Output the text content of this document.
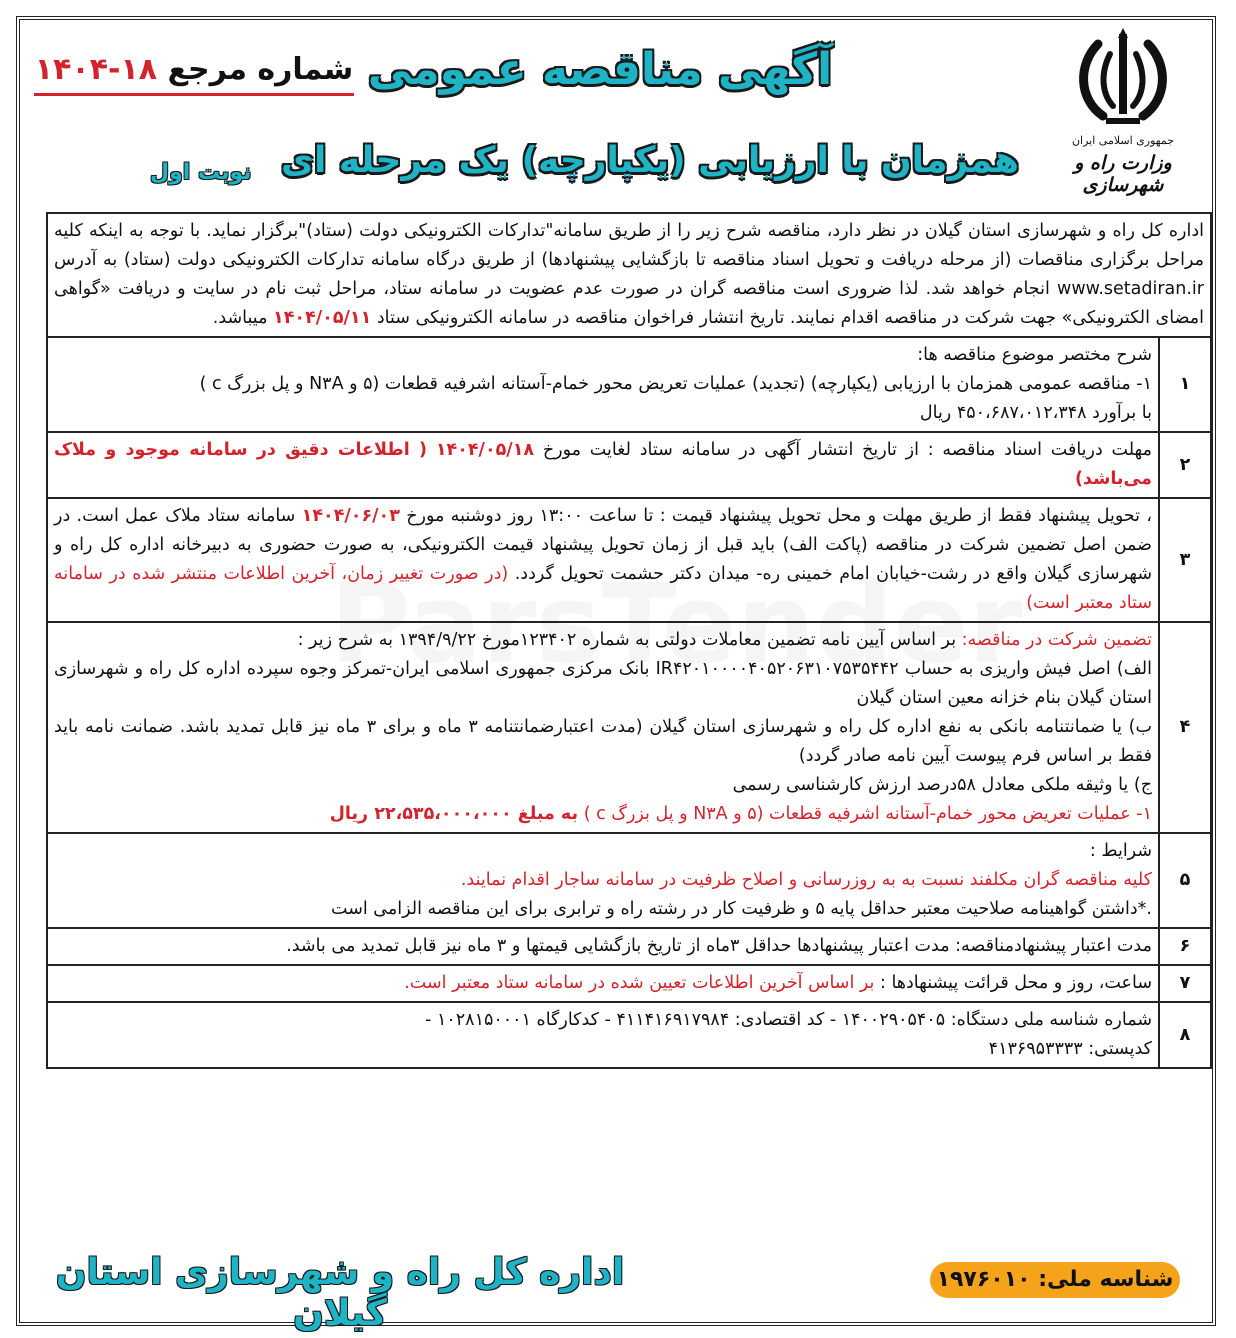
جمهوری اسلامی ایران
وزارت راه و شهرسازی
آگهی مناقصه عمومی
همزمان با ارزیابی (یکپارچه) یک مرحله ای
نوبت اول
شماره مرجع ۱۸-۱۴۰۴
اداره کل راه و شهرسازی استان گیلان در نظر دارد، مناقصه شرح زیر را از طریق سامانه"تدارکات الکترونیکی دولت (ستاد)"برگزار نماید. با توجه به اینکه کلیه مراحل برگزاری مناقصات (از مرحله دریافت و تحویل اسناد مناقصه تا بازگشایی پیشنهادها) از طریق درگاه سامانه تدارکات الکترونیکی دولت (ستاد) به آدرس www.setadiran.ir انجام خواهد شد. لذا ضروری است مناقصه گران در صورت عدم عضویت در سامانه ستاد، مراحل ثبت نام در سایت و دریافت «گواهی امضای الکترونیکی» جهت شرکت در مناقصه اقدام نمایند. تاریخ انتشار فراخوان مناقصه در سامانه الکترونیکی ستاد ۱۴۰۴/۰۵/۱۱ میباشد.	
۱	شرح مختصر موضوع مناقصه ها:
۱- مناقصه عمومی همزمان با ارزیابی (یکپارچه) (تجدید) عملیات تعریض محور خمام-آستانه اشرفیه قطعات (۵ و N۳A و پل بزرگ c )
با برآورد ۴۵۰،۶۸۷،۰۱۲،۳۴۸ ریال

۲	مهلت دریافت اسناد مناقصه : از تاریخ انتشار آگهی در سامانه ستاد لغایت مورخ ۱۴۰۴/۰۵/۱۸ ( اطلاعات دقیق در سامانه موجود و ملاک می‌باشد)
۳	، تحویل پیشنهاد فقط از طریق مهلت و محل تحویل پیشنهاد قیمت : تا ساعت ۱۳:۰۰ روز دوشنبه مورخ ۱۴۰۴/۰۶/۰۳ سامانه ستاد ملاک عمل است. در ضمن اصل تضمین شرکت در مناقصه (پاکت الف) باید قبل از زمان تحویل پیشنهاد قیمت الکترونیکی، به صورت حضوری به دبیرخانه اداره کل راه و شهرسازی گیلان واقع در رشت-خیابان امام خمینی ره- میدان دکتر حشمت تحویل گردد. (در صورت تغییر زمان، آخرین اطلاعات منتشر شده در سامانه ستاد معتبر است)
۴	تضمین شرکت در مناقصه: بر اساس آیین نامه تضمین معاملات دولتی به شماره ۱۲۳۴۰۲مورخ ۱۳۹۴/۹/۲۲ به شرح زیر :
الف) اصل فیش واریزی به حساب IR۴۲۰۱۰۰۰۰۴۰۵۲۰۶۳۱۰۷۵۳۵۴۴۲ بانک مرکزی جمهوری اسلامی ایران-تمرکز وجوه سپرده اداره کل راه و شهرسازی استان گیلان بنام خزانه معین استان گیلان
ب) یا ضمانتنامه بانکی به نفع اداره کل راه و شهرسازی استان گیلان (مدت اعتبارضمانتنامه ۳ ماه و برای ۳ ماه نیز قابل تمدید باشد. ضمانت نامه باید فقط بر اساس فرم پیوست آیین نامه صادر گردد)
ج) یا وثیقه ملکی معادل ۵۸درصد ارزش کارشناسی رسمی
۱- عملیات تعریض محور خمام-آستانه اشرفیه قطعات (۵ و N۳A و پل بزرگ c ) به مبلغ ۲۲،۵۳۵،۰۰۰،۰۰۰ ریال

۵	شرایط :
کلیه مناقصه گران مکلفند نسبت به به روزرسانی و اصلاح ظرفیت در سامانه ساجار اقدام نمایند.
.*داشتن گواهینامه صلاحیت معتبر حداقل پایه ۵ و ظرفیت کار در رشته راه و ترابری برای این مناقصه الزامی است

۶	مدت اعتبار پیشنهادمناقصه: مدت اعتبار پیشنهادها حداقل ۳ماه از تاریخ بازگشایی قیمتها و ۳ ماه نیز قابل تمدید می باشد.
۷	ساعت، روز و محل قرائت پیشنهادها : بر اساس آخرین اطلاعات تعیین شده در سامانه ستاد معتبر است.
۸	شماره شناسه ملی دستگاه: ۱۴۰۰۲۹۰۵۴۰۵ - کد اقتصادی: ۴۱۱۴۱۶۹۱۷۹۸۴ - کدکارگاه ۱۰۲۸۱۵۰۰۰۱ -
کدپستی: ۴۱۳۶۹۵۳۳۳۳
اداره کل راه و شهرسازی استان گیلان
شناسه ملی: ۱۹۷۶۰۱۰
